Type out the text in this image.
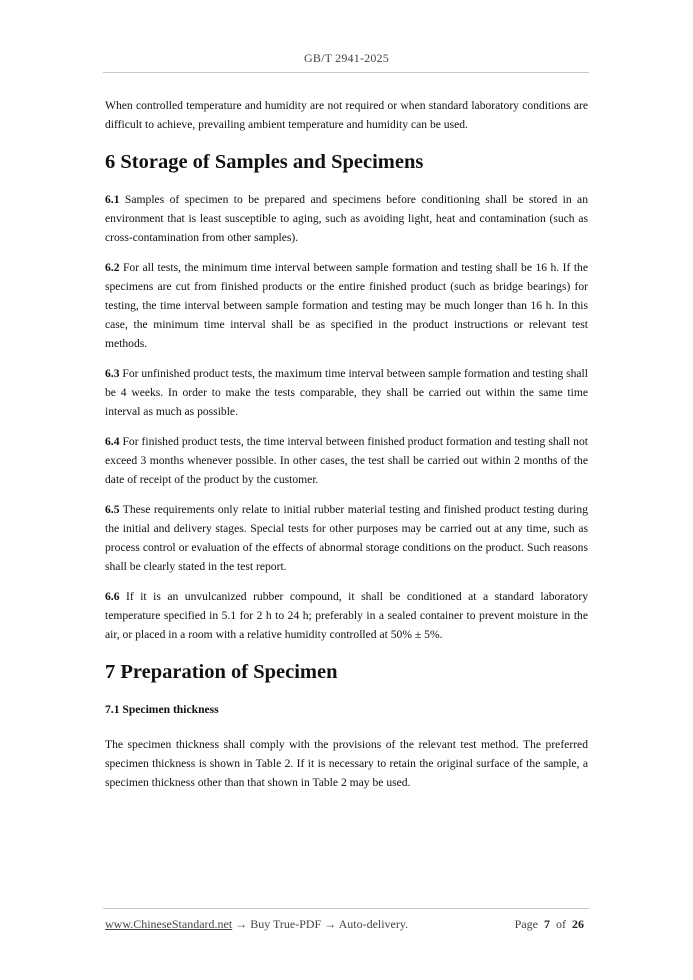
GB/T 2941-2025

When controlled temperature and humidity are not required or when standard laboratory conditions are difficult to achieve, prevailing ambient temperature and humidity can be used.

6 Storage of Samples and Specimens

6.1 Samples of specimen to be prepared and specimens before conditioning shall be stored in an environment that is least susceptible to aging, such as avoiding light, heat and contamination (such as cross-contamination from other samples).

6.2 For all tests, the minimum time interval between sample formation and testing shall be 16 h. If the specimens are cut from finished products or the entire finished product (such as bridge bearings) for testing, the time interval between sample formation and testing may be much longer than 16 h. In this case, the minimum time interval shall be as specified in the product instructions or relevant test methods.

6.3 For unfinished product tests, the maximum time interval between sample formation and testing shall be 4 weeks. In order to make the tests comparable, they shall be carried out within the same time interval as much as possible.

6.4 For finished product tests, the time interval between finished product formation and testing shall not exceed 3 months whenever possible. In other cases, the test shall be carried out within 2 months of the date of receipt of the product by the customer.

6.5 These requirements only relate to initial rubber material testing and finished product testing during the initial and delivery stages. Special tests for other purposes may be carried out at any time, such as process control or evaluation of the effects of abnormal storage conditions on the product. Such reasons shall be clearly stated in the test report.

6.6 If it is an unvulcanized rubber compound, it shall be conditioned at a standard laboratory temperature specified in 5.1 for 2 h to 24 h; preferably in a sealed container to prevent moisture in the air, or placed in a room with a relative humidity controlled at 50% ± 5%.

7 Preparation of Specimen
7.1 Specimen thickness

The specimen thickness shall comply with the provisions of the relevant test method. The preferred specimen thickness is shown in Table 2. If it is necessary to retain the original surface of the sample, a specimen thickness other than that shown in Table 2 may be used.

www.ChineseStandard.net → Buy True-PDF → Auto-delivery.	Page 7 of 26
